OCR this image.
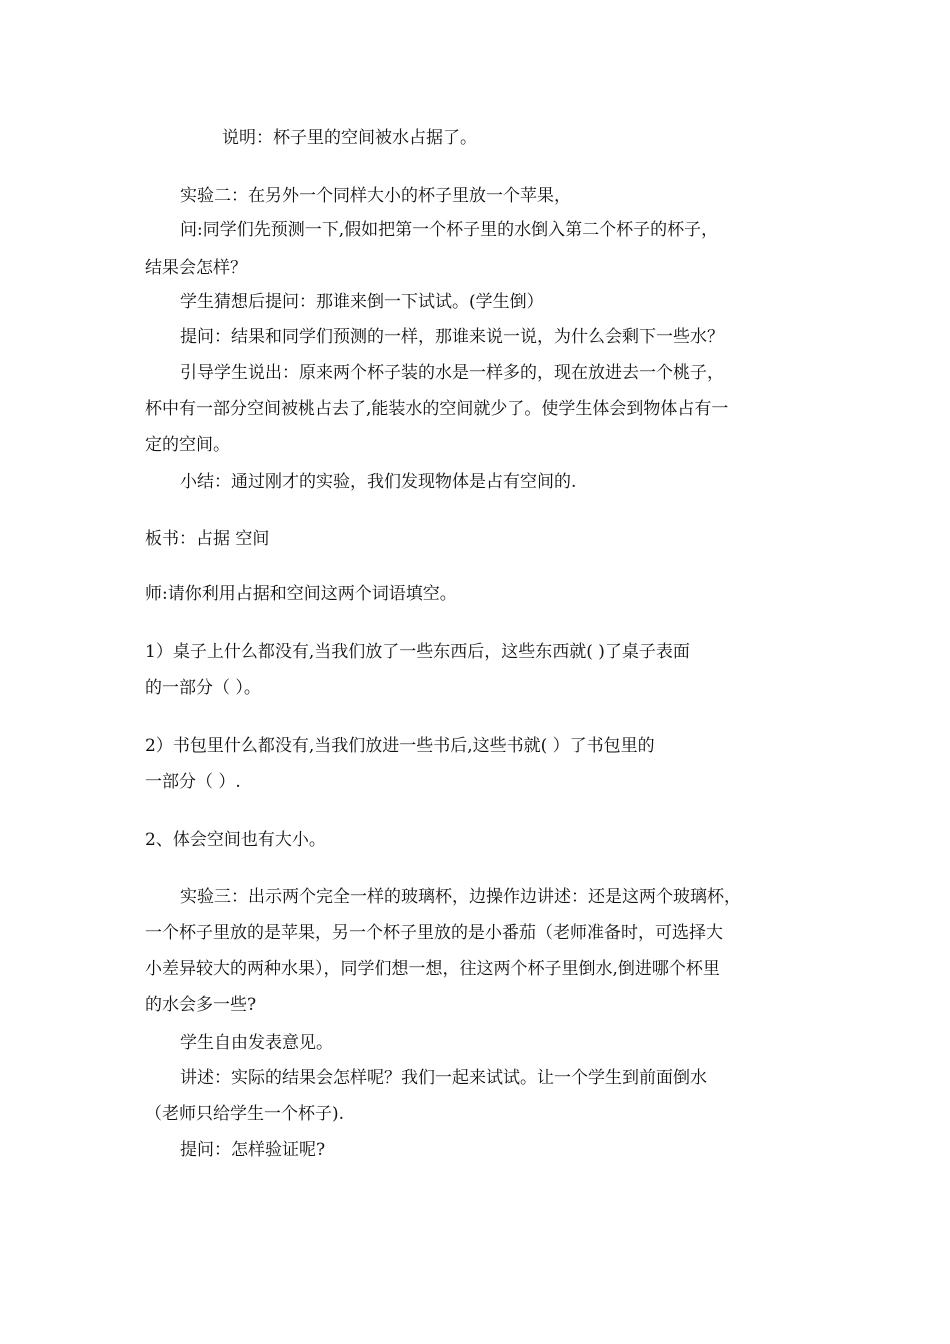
说明：杯子里的空间被水占据了。
实验二：在另外一个同样大小的杯子里放一个苹果，
问:同学们先预测一下,假如把第一个杯子里的水倒入第二个杯子的杯子，
结果会怎样？
学生猜想后提问：那谁来倒一下试试。(学生倒）
提问：结果和同学们预测的一样，那谁来说一说，为什么会剩下一些水？
引导学生说出：原来两个杯子装的水是一样多的，现在放进去一个桃子，
杯中有一部分空间被桃占去了,能装水的空间就少了。使学生体会到物体占有一
定的空间。
小结：通过刚才的实验，我们发现物体是占有空间的.
板书：占据 空间
师:请你利用占据和空间这两个词语填空。
1）桌子上什么都没有,当我们放了一些东西后，这些东西就( )了桌子表面
的一部分（ ）。
2）书包里什么都没有,当我们放进一些书后,这些书就( ）了书包里的
一部分（ ）.
2、体会空间也有大小。
实验三：出示两个完全一样的玻璃杯，边操作边讲述：还是这两个玻璃杯，
一个杯子里放的是苹果，另一个杯子里放的是小番茄（老师准备时，可选择大
小差异较大的两种水果），同学们想一想，往这两个杯子里倒水,倒进哪个杯里
的水会多一些?
学生自由发表意见。
讲述：实际的结果会怎样呢？我们一起来试试。让一个学生到前面倒水
（老师只给学生一个杯子).
提问：怎样验证呢?
